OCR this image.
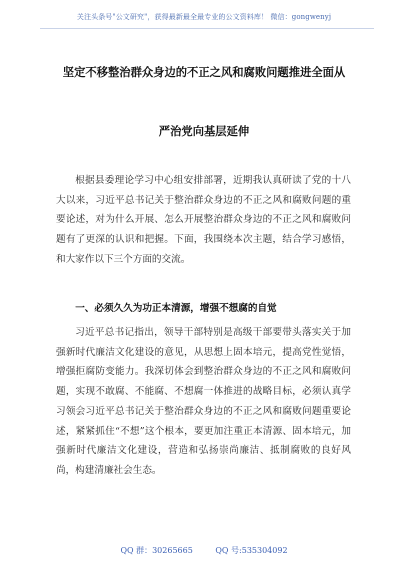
关注头条号"公文研究"，获得最新最全最专业的公文资料库！ 微信：gongwenyj
坚定不移整治群众身边的不正之风和腐败问题推进全面从
严治党向基层延伸
根据县委理论学习中心组安排部署，近期我认真研读了党的十八大以来，习近平总书记关于整治群众身边的不正之风和腐败问题的重要论述，对为什么开展、怎么开展整治群众身边的不正之风和腐败问题有了更深的认识和把握。下面，我围绕本次主题，结合学习感悟，和大家作以下三个方面的交流。
一、必须久久为功正本清源，增强不想腐的自觉
习近平总书记指出，领导干部特别是高级干部要带头落实关于加强新时代廉洁文化建设的意见，从思想上固本培元，提高党性觉悟，增强拒腐防变能力。我深切体会到整治群众身边的不正之风和腐败问题，实现不敢腐、不能腐、不想腐一体推进的战略目标，必须认真学习领会习近平总书记关于整治群众身边的不正之风和腐败问题重要论述，紧紧抓住“不想”这个根本，要更加注重正本清源、固本培元，加强新时代廉洁文化建设，营造和弘扬崇尚廉洁、抵制腐败的良好风尚，构建清廉社会生态。
QQ 群：30265665	QQ 号:535304092
